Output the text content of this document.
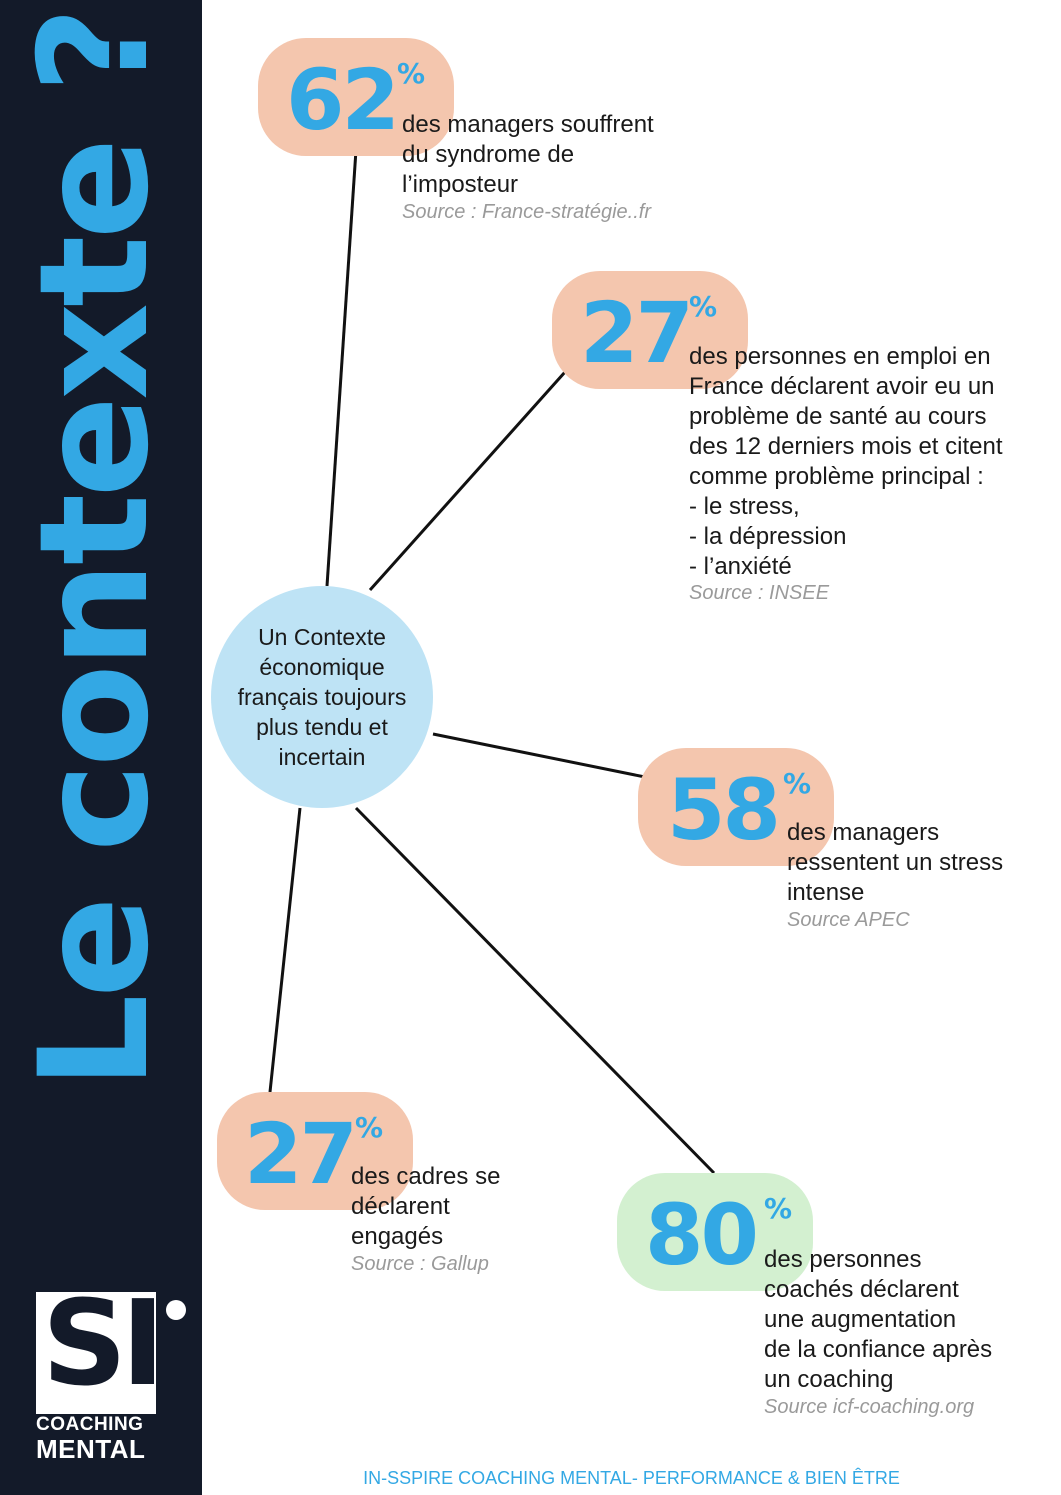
Le contexte ?
SI
COACHING
MENTAL
Un Contexte économique français toujours plus tendu et incertain
62 %
des managers souffrent
du syndrome de
l’imposteur
Source : France-stratégie..fr
27
%
des personnes en emploi en
France déclarent avoir eu un
problème de santé au cours
des 12 derniers mois et citent
comme problème principal :
- le stress,
- la dépression
- l’anxiété
Source : INSEE
58 %
des managers
ressentent un stress
intense
Source APEC
27 %
des cadres se
déclarent
engagés
Source : Gallup 80 %
des personnes
coachés déclarent
une augmentation
de la confiance après
un coaching
Source icf-coaching.org
IN-SSPIRE COACHING MENTAL- PERFORMANCE & BIEN ÊTRE
